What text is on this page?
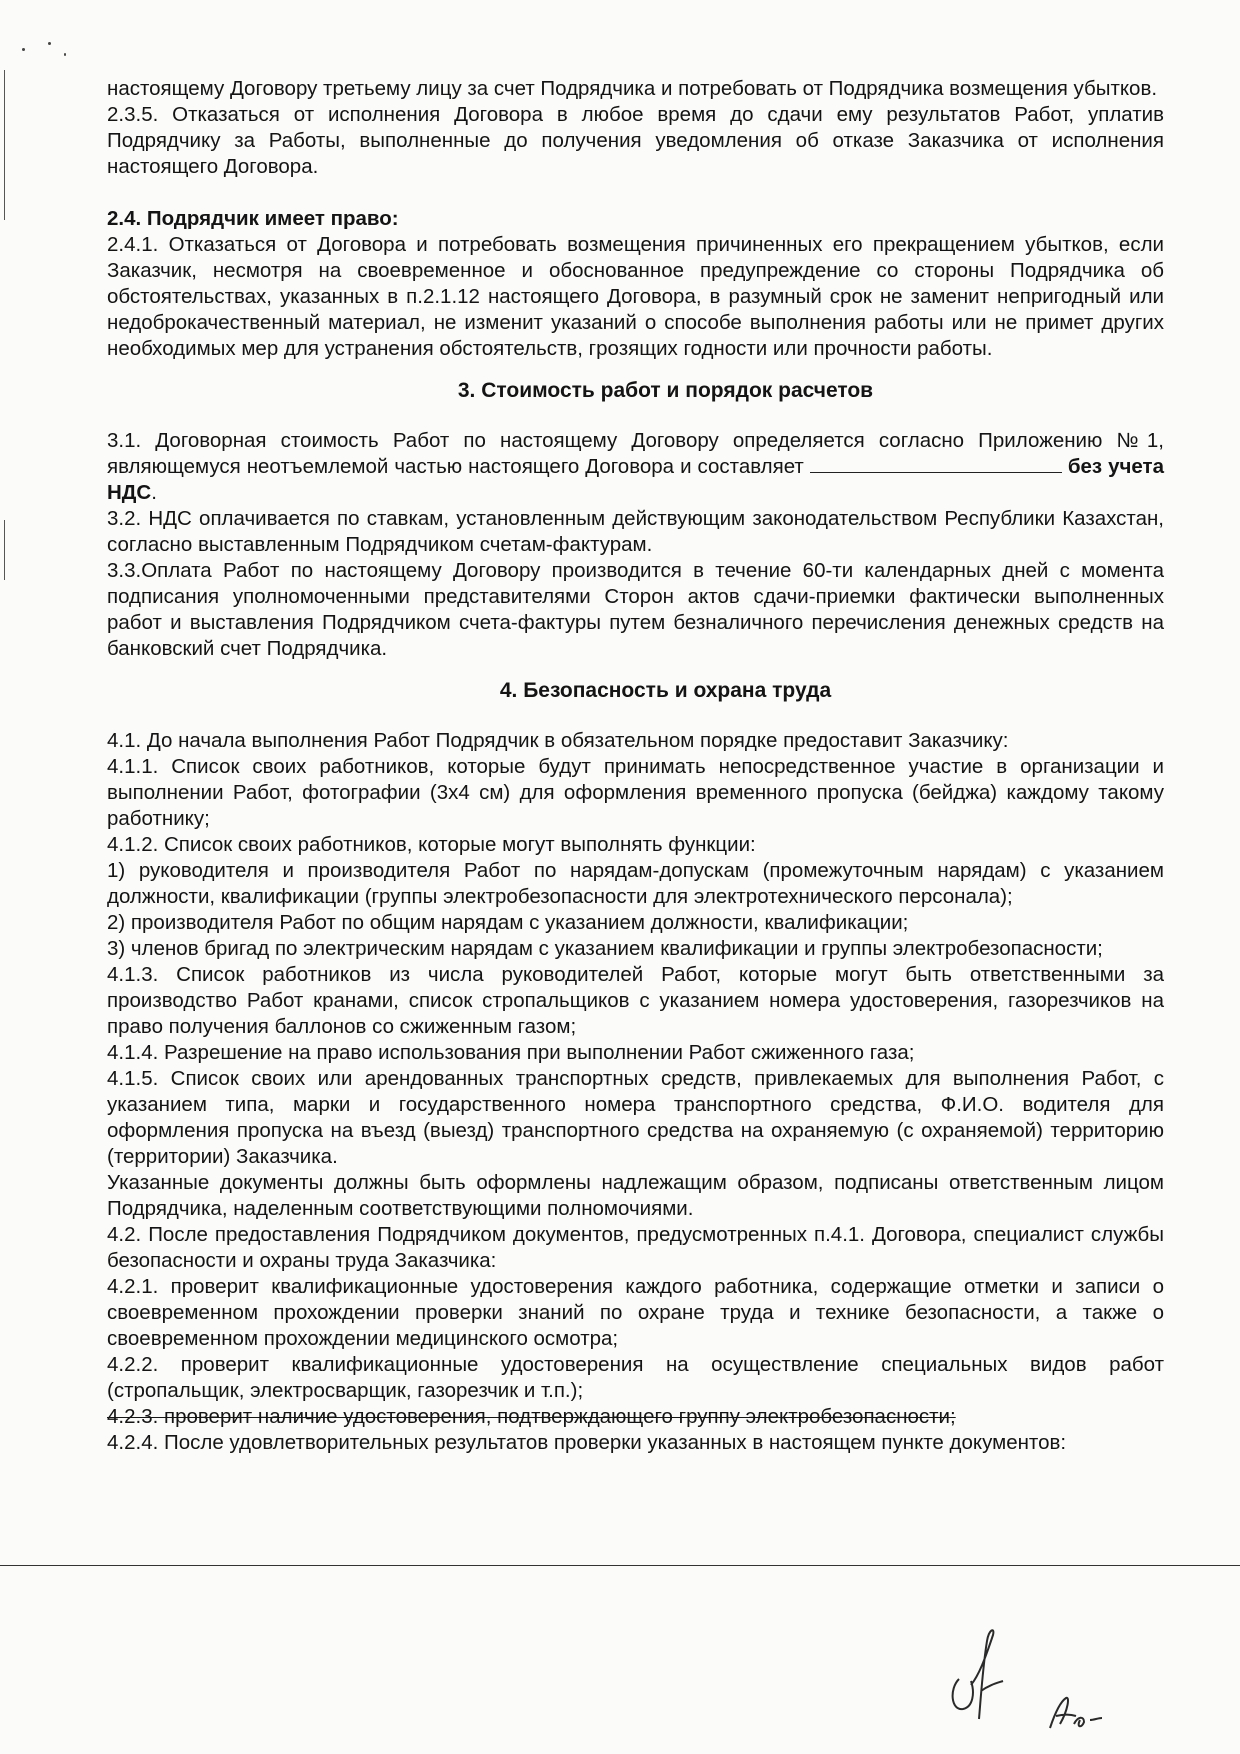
настоящему Договору третьему лицу за счет Подрядчика и потребовать от Подрядчика возмещения убытков.

2.3.5. Отказаться от исполнения Договора в любое время до сдачи ему результатов Работ, уплатив Подрядчику за Работы, выполненные до получения уведомления об отказе Заказчика от исполнения настоящего Договора.

2.4. Подрядчик имеет право:

2.4.1. Отказаться от Договора и потребовать возмещения причиненных его прекращением убытков, если Заказчик, несмотря на своевременное и обоснованное предупреждение со стороны Подрядчика об обстоятельствах, указанных в п.2.1.12 настоящего Договора, в разумный срок не заменит непригодный или недоброкачественный материал, не изменит указаний о способе выполнения работы или не примет других необходимых мер для устранения обстоятельств, грозящих годности или прочности работы.

3. Стоимость работ и порядок расчетов

3.1. Договорная стоимость Работ по настоящему Договору определяется согласно Приложению №1, являющемуся неотъемлемой частью настоящего Договора и составляет	без учета НДС.

3.2. НДС оплачивается по ставкам, установленным действующим законодательством Республики Казахстан, согласно выставленным Подрядчиком счетам-фактурам.

3.3.Оплата Работ по настоящему Договору производится в течение 60-ти календарных дней с момента подписания уполномоченными представителями Сторон актов сдачи-приемки фактически выполненных работ и выставления Подрядчиком счета-фактуры путем безналичного перечисления денежных средств на банковский счет Подрядчика.

4. Безопасность и охрана труда

4.1. До начала выполнения Работ Подрядчик в обязательном порядке предоставит Заказчику:

4.1.1. Список своих работников, которые будут принимать непосредственное участие в организации и выполнении Работ, фотографии (3х4 см) для оформления временного пропуска (бейджа) каждому такому работнику;

4.1.2. Список своих работников, которые могут выполнять функции:

1) руководителя и производителя Работ по нарядам-допускам (промежуточным нарядам) с указанием должности, квалификации (группы электробезопасности для электротехнического персонала);

2) производителя Работ по общим нарядам с указанием должности, квалификации;

3) членов бригад по электрическим нарядам с указанием квалификации и группы электробезопасности;

4.1.3. Список работников из числа руководителей Работ, которые могут быть ответственными за производство Работ кранами, список стропальщиков с указанием номера удостоверения, газорезчиков на право получения баллонов со сжиженным газом;

4.1.4. Разрешение на право использования при выполнении Работ сжиженного газа;

4.1.5. Список своих или арендованных транспортных средств, привлекаемых для выполнения Работ, с указанием типа, марки и государственного номера транспортного средства, Ф.И.О. водителя для оформления пропуска на въезд (выезд) транспортного средства на охраняемую (с охраняемой) территорию (территории) Заказчика.

Указанные документы должны быть оформлены надлежащим образом, подписаны ответственным лицом Подрядчика, наделенным соответствующими полномочиями.

4.2. После предоставления Подрядчиком документов, предусмотренных п.4.1. Договора, специалист службы безопасности и охраны труда Заказчика:

4.2.1. проверит квалификационные удостоверения каждого работника, содержащие отметки и записи о своевременном прохождении проверки знаний по охране труда и технике безопасности, а также о своевременном прохождении медицинского осмотра;

4.2.2. проверит квалификационные удостоверения на осуществление специальных видов работ (стропальщик, электросварщик, газорезчик и т.п.);

4.2.3. проверит наличие удостоверения, подтверждающего группу электробезопасности;

4.2.4. После удовлетворительных результатов проверки указанных в настоящем пункте документов:
